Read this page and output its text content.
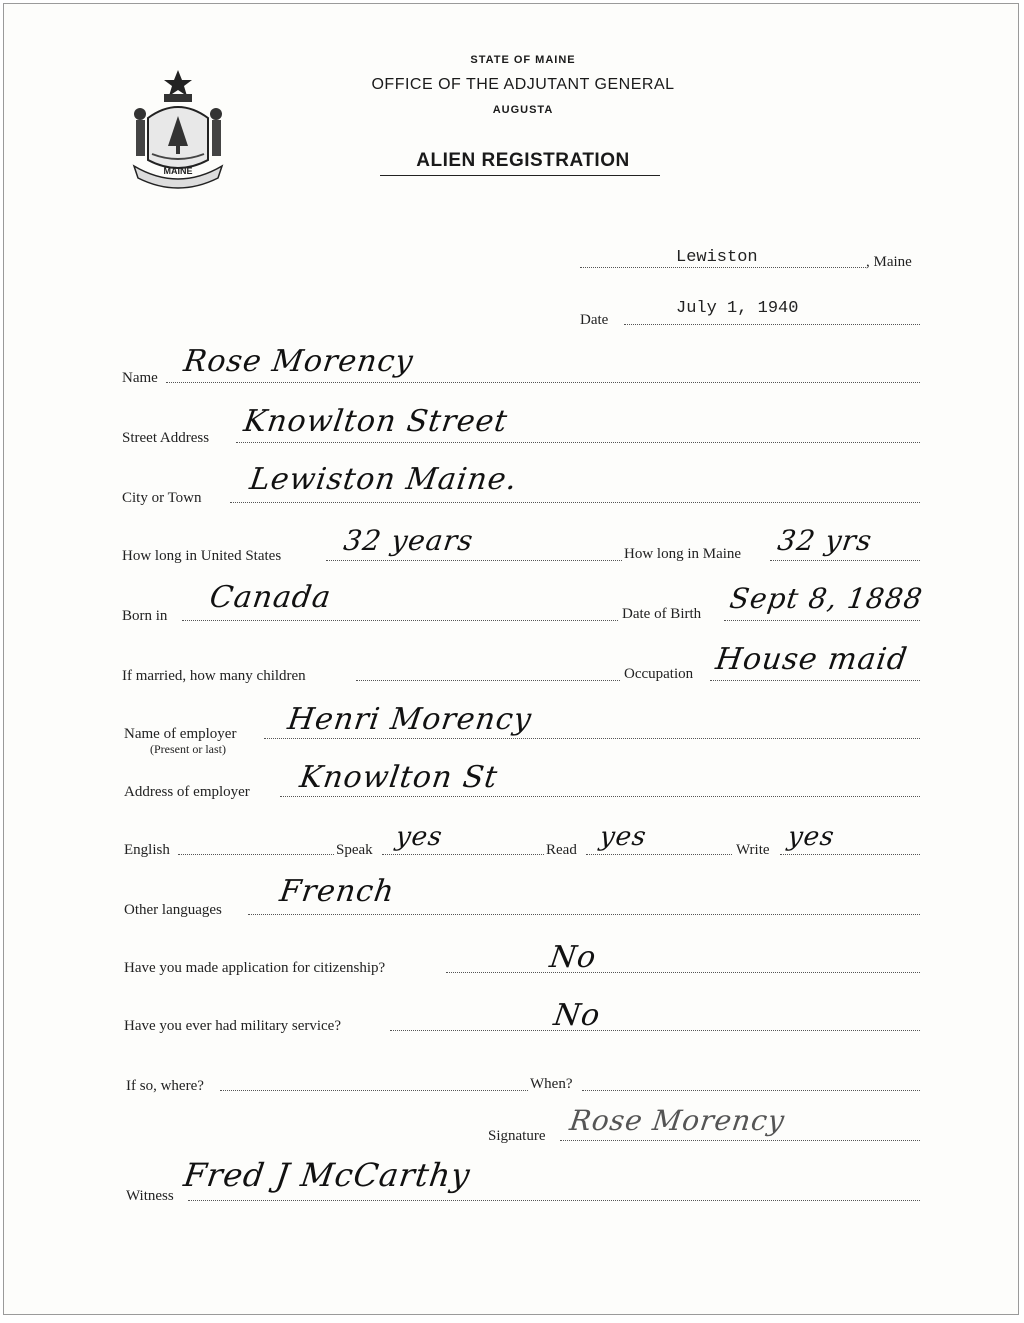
MAINE
STATE OF MAINE
OFFICE OF THE ADJUTANT GENERAL
AUGUSTA
ALIEN REGISTRATION
Lewiston	, Maine
Date
July 1, 1940
Name Rose Morency
Street Address Knowlton Street
City or Town
Lewiston Maine.
How long in United States 32 years	How long in Maine 32 yrs
Born in
Canada	Date of Birth Sept 8, 1888
If married, how many children	Occupation House maid
Name of employer
(Present or last)
Henri Morency
Address of employer Knowlton St
English	Speak yes	Read yes	Write yes
Other languages
French
Have you made application for citizenship?	No
Have you ever had military service?	No
If so, where?	When?
Signature Rose Morency
Witness
Fred J McCarthy
